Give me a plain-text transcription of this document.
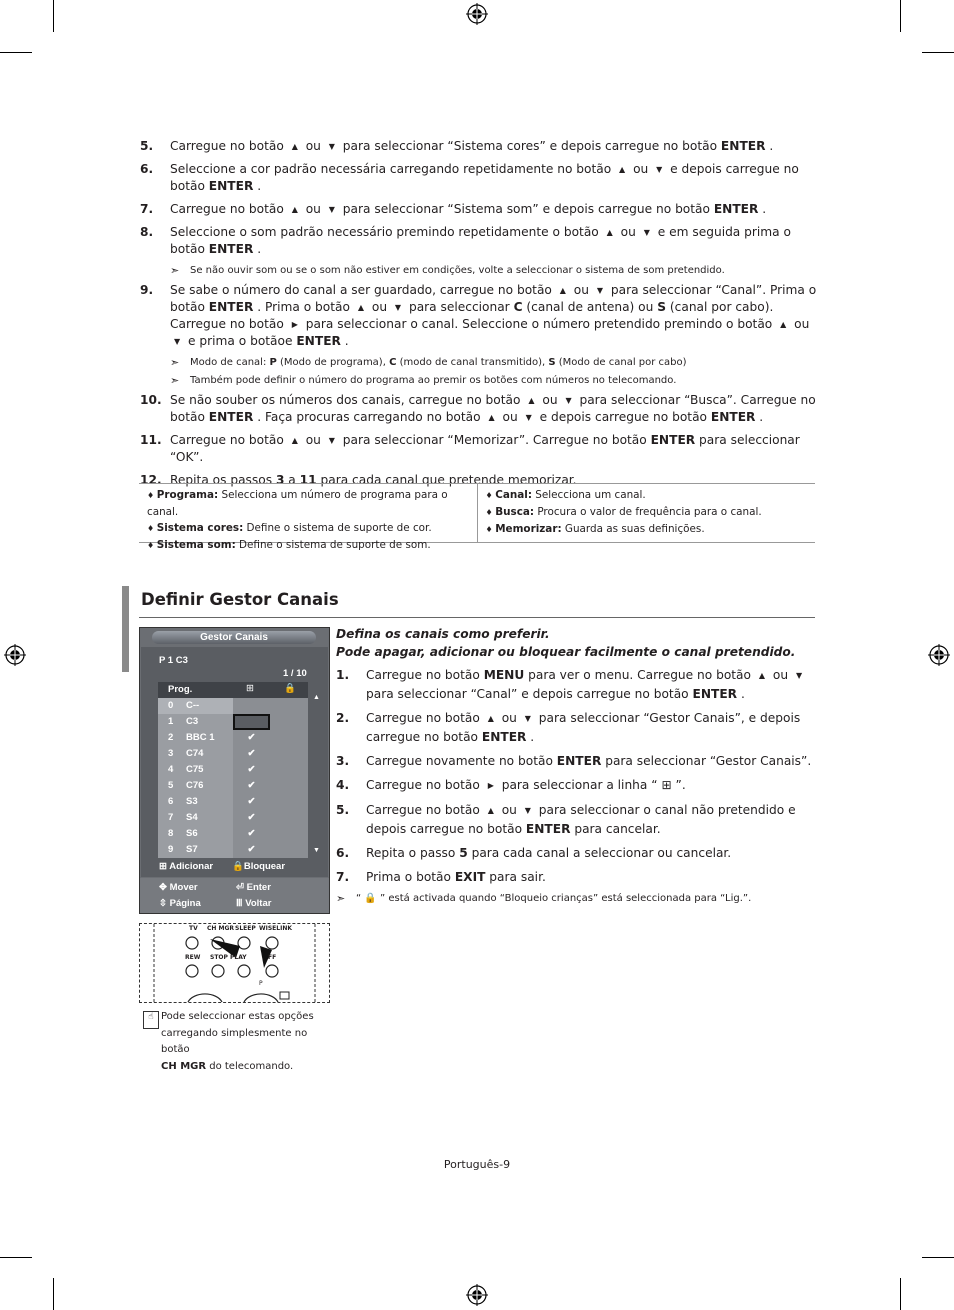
5.	Carregue no botão ▲ ou ▼ para seleccionar “Sistema cores” e depois carregue no botão ENTER .
6.	Seleccione a cor padrão necessária carregando repetidamente no botão ▲ ou ▼ e depois carregue no botão ENTER .
7.	Carregue no botão ▲ ou ▼ para seleccionar “Sistema som” e depois carregue no botão ENTER .
8.	Seleccione o som padrão necessário premindo repetidamente o botão ▲ ou ▼ e em seguida prima o botão ENTER .
➣	Se não ouvir som ou se o som não estiver em condições, volte a seleccionar o sistema de som pretendido.
9.	Se sabe o número do canal a ser guardado, carregue no botão ▲ ou ▼ para seleccionar “Canal”. Prima o botão ENTER . Prima o botão ▲ ou ▼ para seleccionar C (canal de antena) ou S (canal por cabo). Carregue no botão ▶ para seleccionar o canal. Seleccione o número pretendido premindo o botão ▲ ou ▼ e prima o botãoe ENTER .
➣	Modo de canal: P (Modo de programa), C (modo de canal transmitido), S (Modo de canal por cabo)
➣	Também pode definir o número do programa ao premir os botões com números no telecomando.
10. Se não souber os números dos canais, carregue no botão ▲ ou ▼ para seleccionar “Busca”. Carregue no botão ENTER . Faça procuras carregando no botão ▲ ou ▼ e depois carregue no botão ENTER .
11. Carregue no botão ▲ ou ▼ para seleccionar “Memorizar”. Carregue no botão ENTER para seleccionar “OK”.
12. Repita os passos 3 a 11 para cada canal que pretende memorizar.
♦ Programa: Selecciona um número de programa para o canal.
♦ Sistema cores: Define o sistema de suporte de cor.
♦ Sistema som: Define o sistema de suporte de som.
♦ Canal: Selecciona um canal.
♦ Busca: Procura o valor de frequência para o canal.
♦ Memorizar: Guarda as suas definições.
Definir Gestor Canais
Gestor Canais
P 1 C3
1 / 10
Prog.	⊞	🔒
0 C--
1 C3
2 BBC 1	✔
3 C74	✔
4 C75	✔
5 C76	✔
6 S3	✔
7 S4	✔
8 S6	✔
9 S7	✔
▲
▼
⊞ Adicionar 🔒Bloquear
✥ Mover	⏎ Enter
⇳ Página	Ⅲ Voltar
TV CH MGR SLEEP WISELINK
REW STOP PLAY	FF
P
☝ Pode seleccionar estas opções
carregando simplesmente no botão
CH MGR do telecomando.
Defina os canais como preferir.
Pode apagar, adicionar ou bloquear facilmente o canal pretendido.
1.	Carregue no botão MENU para ver o menu. Carregue no botão ▲ ou ▼ para seleccionar “Canal” e depois carregue no botão ENTER .
2.	Carregue no botão ▲ ou ▼ para seleccionar “Gestor Canais”, e depois carregue no botão ENTER .
3.	Carregue novamente no botão ENTER para seleccionar “Gestor Canais”.
4.	Carregue no botão ▶ para seleccionar a linha “ ⊞ ”.
5.	Carregue no botão ▲ ou ▼ para seleccionar o canal não pretendido e depois carregue no botão ENTER para cancelar.
6.	Repita o passo 5 para cada canal a seleccionar ou cancelar.
7.	Prima o botão EXIT para sair.
➣	“ 🔒 ” está activada quando “Bloqueio crianças” está seleccionada para “Lig.”.
Português-9
